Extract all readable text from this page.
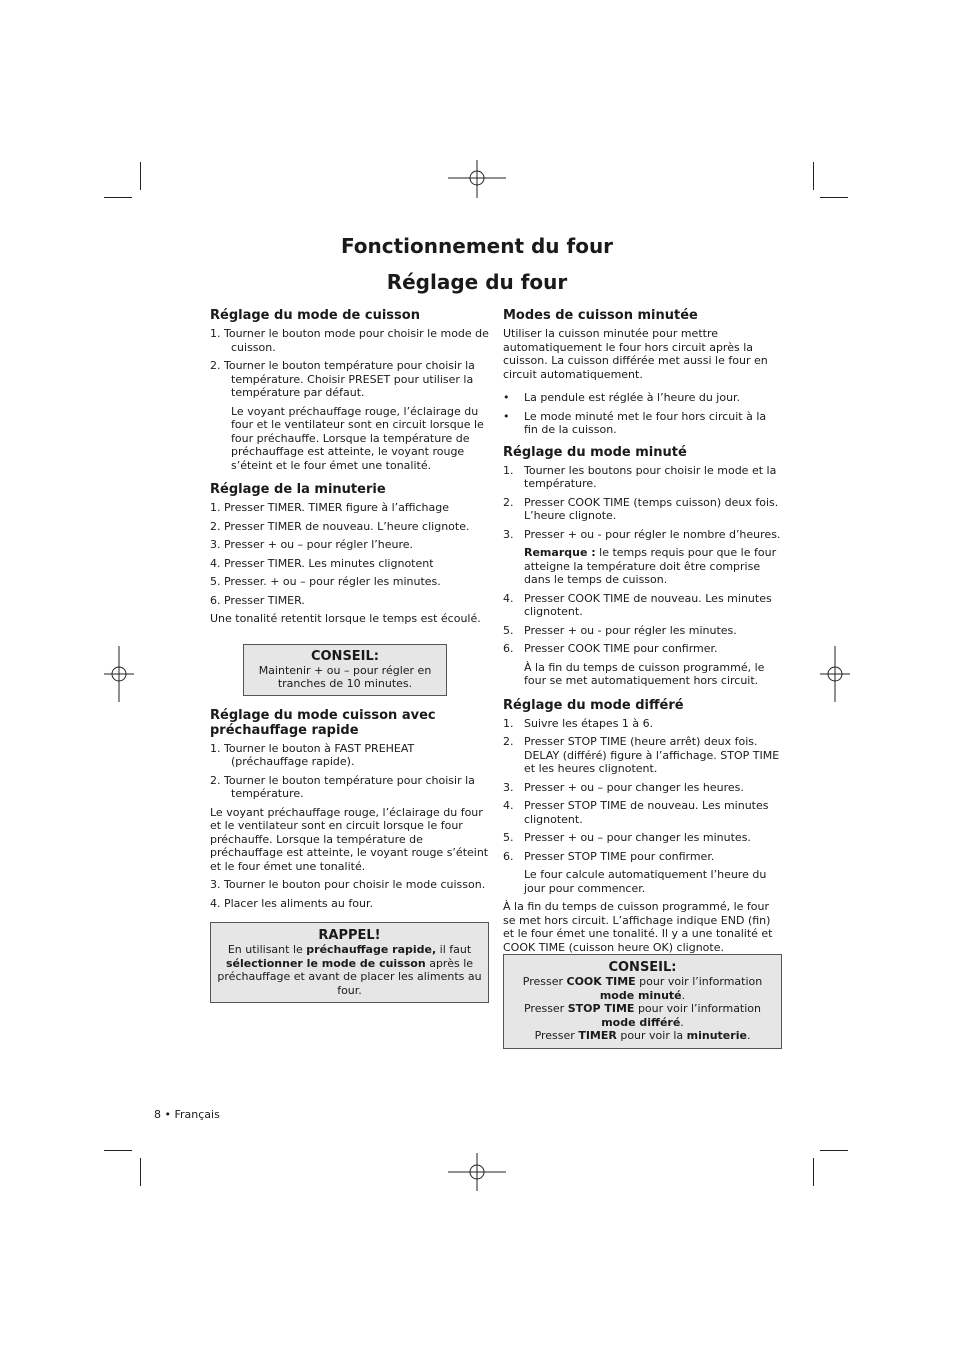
Fonctionnement du four
Réglage du four
Réglage du mode de cuisson
1. Tourner le bouton mode pour choisir le mode de cuisson.
2. Tourner le bouton température pour choisir la température. Choisir PRESET pour utiliser la température par défaut.
Le voyant préchauffage rouge, l’éclairage du four et le ventilateur sont en circuit lorsque le four préchauffe. Lorsque la température de préchauffage est atteinte, le voyant rouge s’éteint et le four émet une tonalité.
Réglage de la minuterie
1. Presser TIMER. TIMER figure à l’affichage
2. Presser TIMER de nouveau. L’heure clignote.
3. Presser + ou – pour régler l’heure.
4. Presser TIMER. Les minutes clignotent
5. Presser. + ou – pour régler les minutes.
6. Presser TIMER.
Une tonalité retentit lorsque le temps est écoulé.
CONSEIL:
Maintenir + ou – pour régler en tranches de 10 minutes.
Réglage du mode cuisson avec préchauffage rapide
1. Tourner le bouton à FAST PREHEAT (préchauffage rapide).
2. Tourner le bouton température pour choisir la température.
Le voyant préchauffage rouge, l’éclairage du four et le ventilateur sont en circuit lorsque le four préchauffe. Lorsque la température de préchauffage est atteinte, le voyant rouge s’éteint et le four émet une tonalité.
3. Tourner le bouton pour choisir le mode cuisson.
4. Placer les aliments au four.
RAPPEL!
En utilisant le préchauffage rapide, il faut sélectionner le mode de cuisson après le préchauffage et avant de placer les aliments au four.
8 • Français
Modes de cuisson minutée
Utiliser la cuisson minutée pour mettre automatiquement le four hors circuit après la cuisson. La cuisson différée met aussi le four en circuit automatiquement.
•	La pendule est réglée à l’heure du jour.
•	Le mode minuté met le four hors circuit à la fin de la cuisson.
Réglage du mode minuté
1. Tourner les boutons pour choisir le mode et la température.
2. Presser COOK TIME (temps cuisson) deux fois. L’heure clignote.
3. Presser + ou - pour régler le nombre d’heures.
Remarque : le temps requis pour que le four atteigne la température doit être comprise dans le temps de cuisson.
4. Presser COOK TIME de nouveau. Les minutes clignotent.
5. Presser + ou - pour régler les minutes.
6. Presser COOK TIME pour confirmer.
À la fin du temps de cuisson programmé, le four se met automatiquement hors circuit.
Réglage du mode différé
1. Suivre les étapes 1 à 6.
2. Presser STOP TIME (heure arrêt) deux fois. DELAY (différé) figure à l’affichage. STOP TIME et les heures clignotent.
3. Presser + ou – pour changer les heures.
4. Presser STOP TIME de nouveau. Les minutes clignotent.
5. Presser + ou – pour changer les minutes.
6. Presser STOP TIME pour confirmer.
Le four calcule automatiquement l’heure du jour pour commencer.
À la fin du temps de cuisson programmé, le four se met hors circuit. L’affichage indique END (fin) et le four émet une tonalité. Il y a une tonalité et COOK TIME (cuisson heure OK) clignote.
CONSEIL:
Presser COOK TIME pour voir l’information mode minuté.
Presser STOP TIME pour voir l’information mode différé.
Presser TIMER pour voir la minuterie.
